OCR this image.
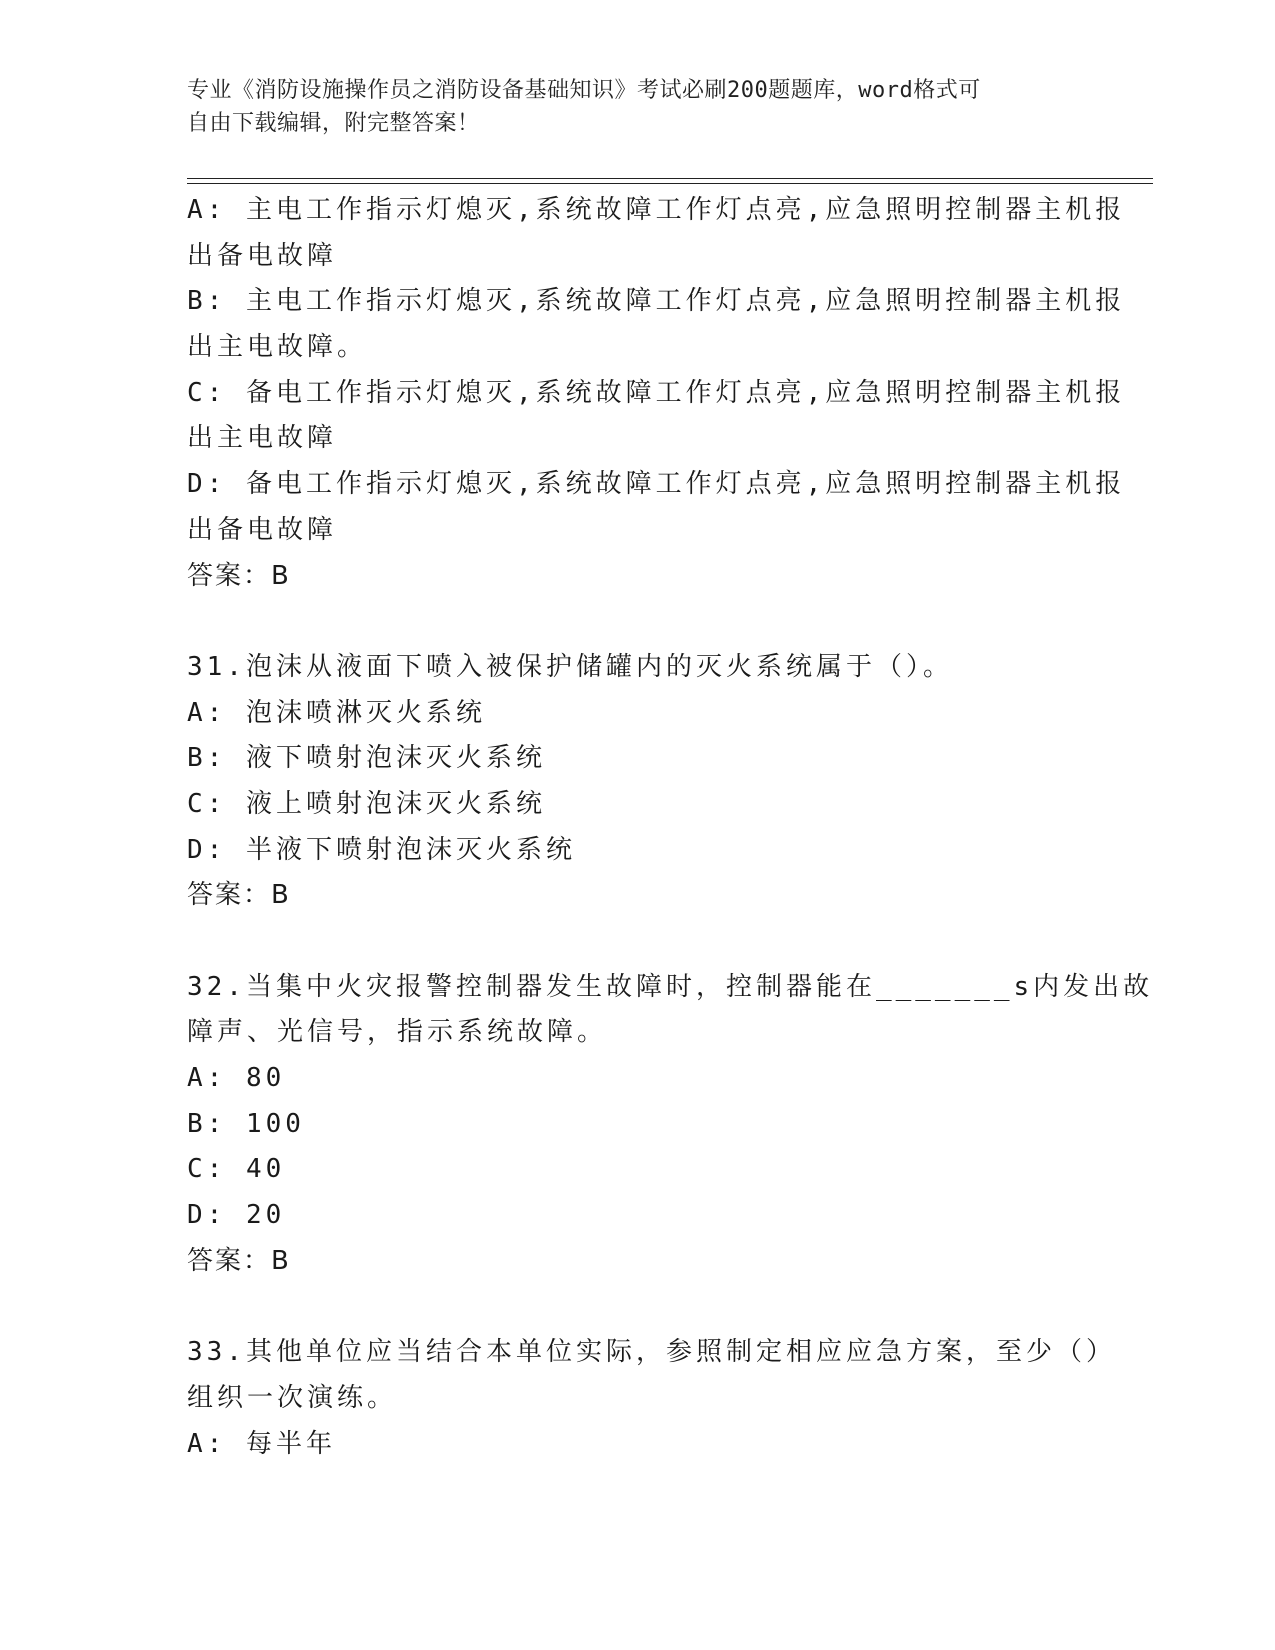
专业《消防设施操作员之消防设备基础知识》考试必刷200题题库，word格式可
自由下载编辑，附完整答案！
A: 主电工作指示灯熄灭,系统故障工作灯点亮,应急照明控制器主机报
出备电故障
B: 主电工作指示灯熄灭,系统故障工作灯点亮,应急照明控制器主机报
出主电故障。
C: 备电工作指示灯熄灭,系统故障工作灯点亮,应急照明控制器主机报
出主电故障
D: 备电工作指示灯熄灭,系统故障工作灯点亮,应急照明控制器主机报
出备电故障
答案：B
31.泡沫从液面下喷入被保护储罐内的灭火系统属于（）。
A: 泡沫喷淋灭火系统
B: 液下喷射泡沫灭火系统
C: 液上喷射泡沫灭火系统
D: 半液下喷射泡沫灭火系统
答案：B
32.当集中火灾报警控制器发生故障时，控制器能在_______s内发出故
障声、光信号，指示系统故障。
A: 80
B: 100
C: 40
D: 20
答案：B
33.其他单位应当结合本单位实际，参照制定相应应急方案，至少（）
组织一次演练。
A: 每半年
